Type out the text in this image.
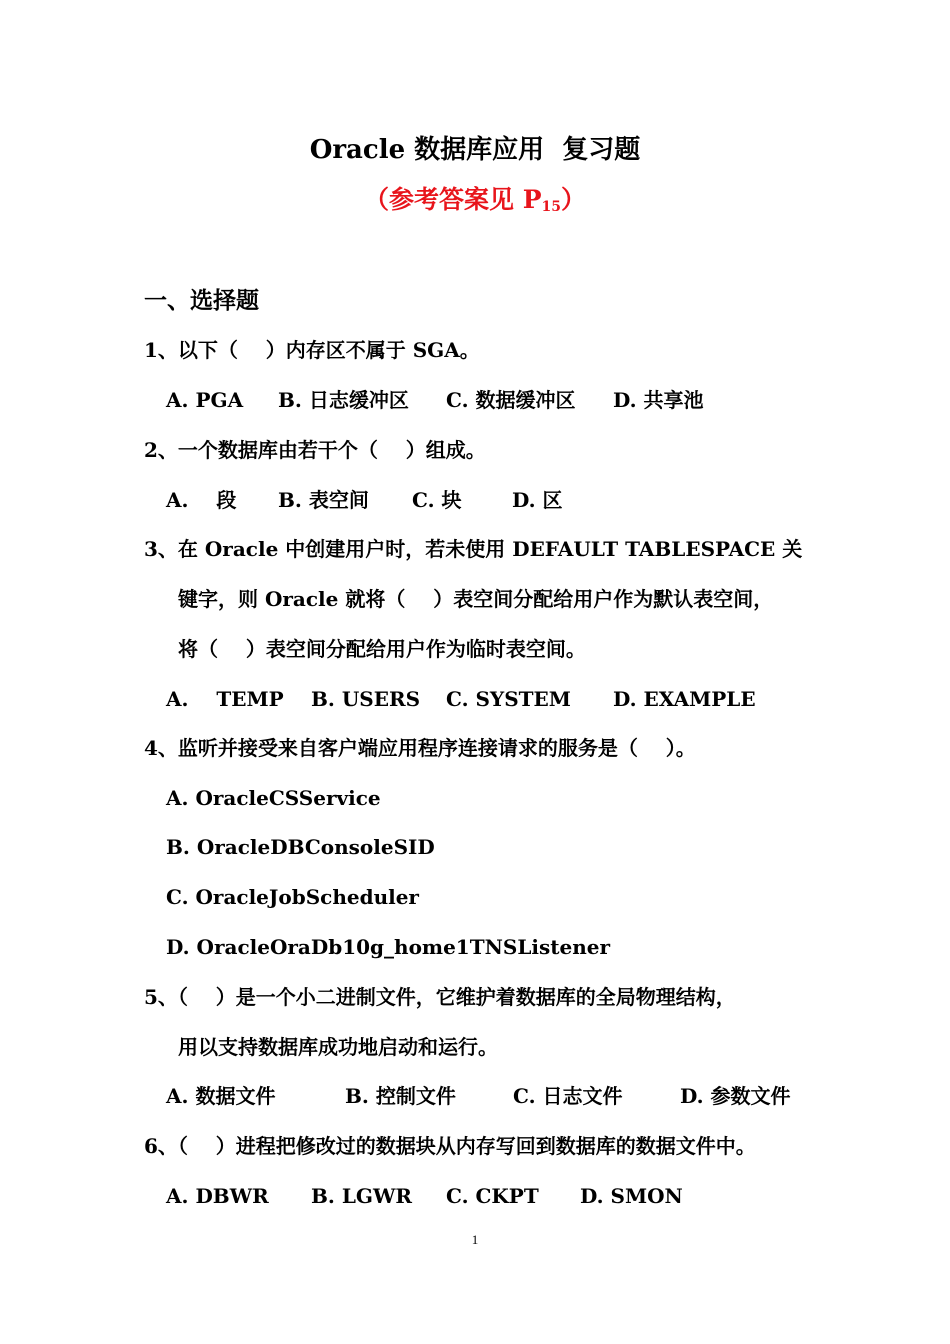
Oracle 数据库应用  复习题
（参考答案见 $P_{15}$）
一、选择题
1、以下（    ）内存区不属于 SGA。
A. PGA B. 日志缓冲区 C. 数据缓冲区 D. 共享池
2、一个数据库由若干个（    ）组成。
A.    段 B. 表空间 C. 块	D. 区
3、在 Oracle 中创建用户时，若未使用 DEFAULT TABLESPACE 关
键字，则 Oracle 就将（    ）表空间分配给用户作为默认表空间，
将（    ）表空间分配给用户作为临时表空间。
A.    TEMP B. USERS C. SYSTEM D. EXAMPLE
4、监听并接受来自客户端应用程序连接请求的服务是（    ）。
A. OracleCSService
B. OracleDBConsoleSID
C. OracleJobScheduler
D. OracleOraDb10g_home1TNSListener
5、（    ）是一个小二进制文件，它维护着数据库的全局物理结构，
用以支持数据库成功地启动和运行。
A. 数据文件	B. 控制文件	C. 日志文件	D. 参数文件
6、（    ）进程把修改过的数据块从内存写回到数据库的数据文件中。
A. DBWR B. LGWR C. CKPT D. SMON
1
